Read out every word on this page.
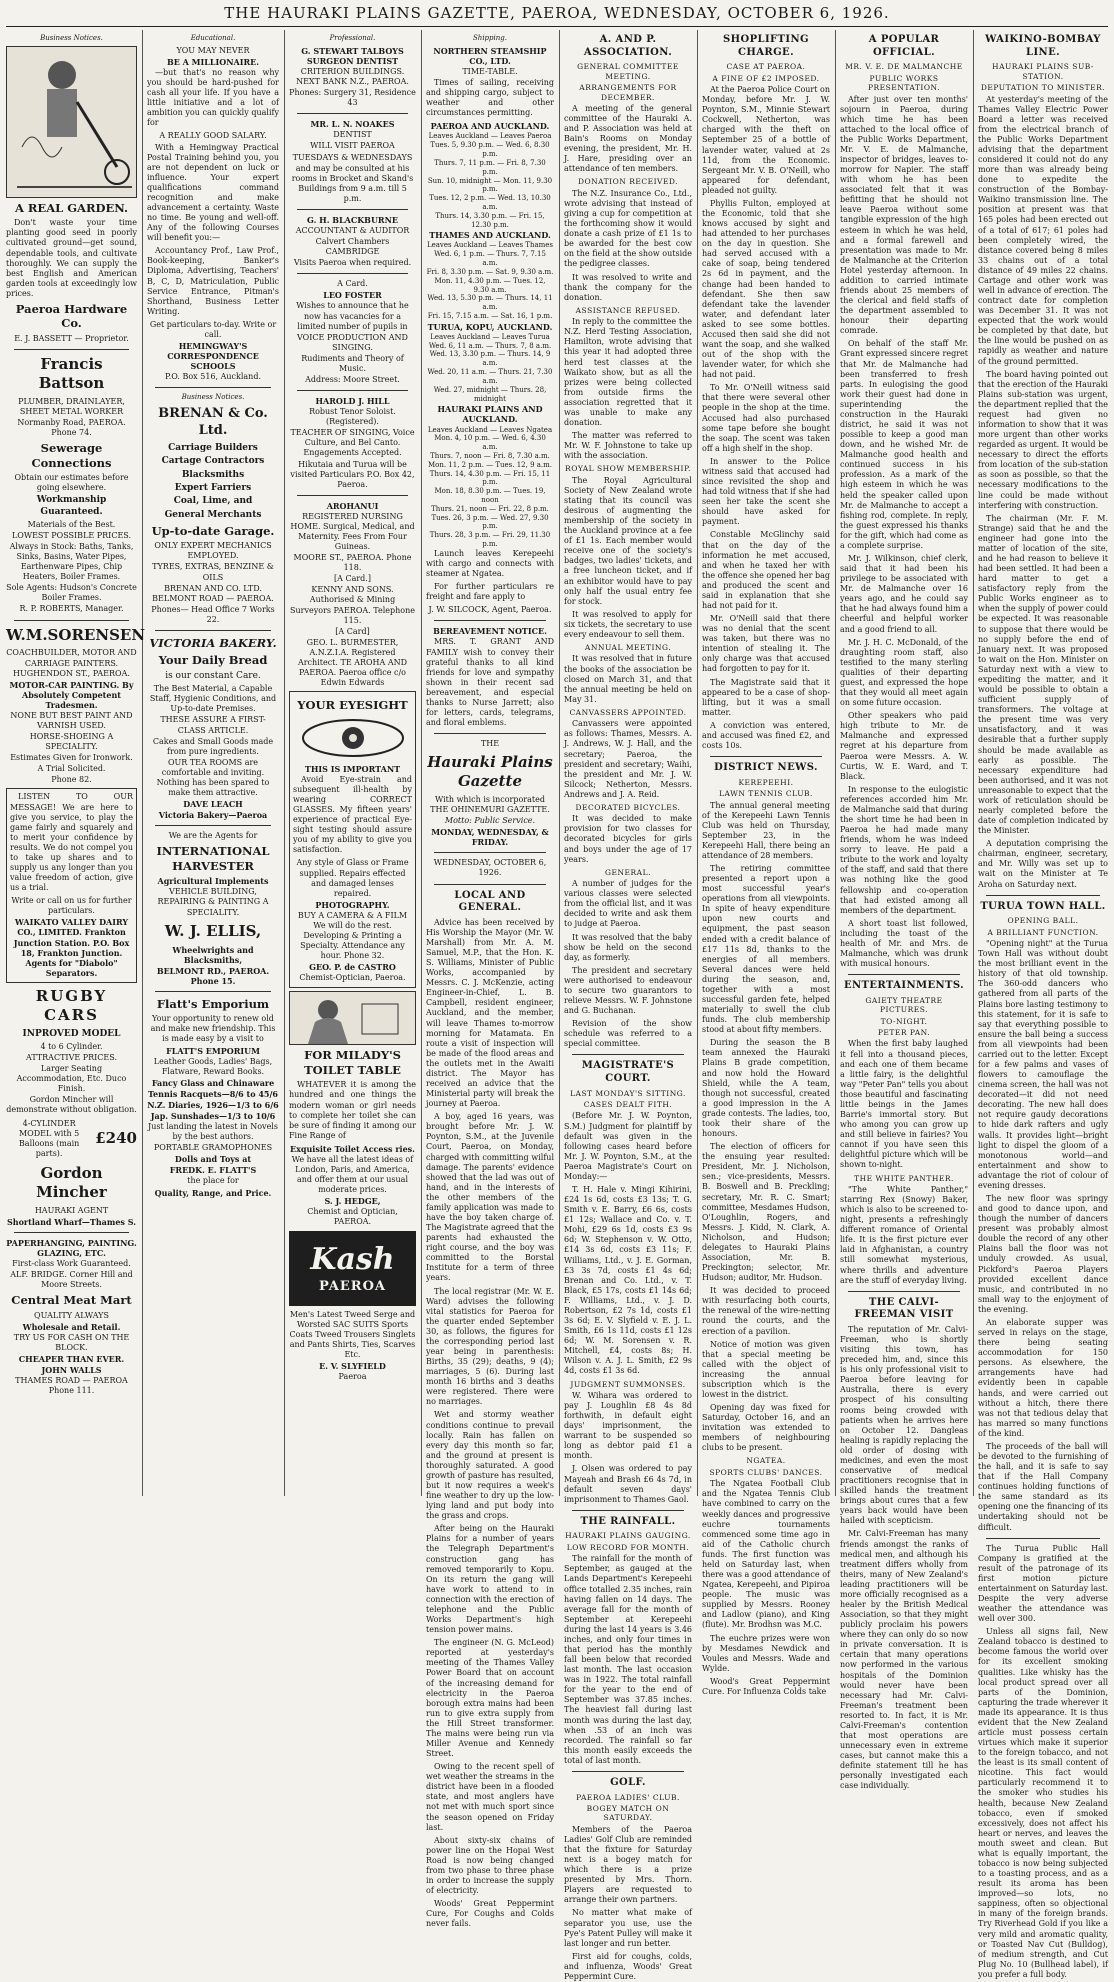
THE HAURAKI PLAINS GAZETTE, PAEROA, WEDNESDAY, OCTOBER 6, 1926.
Business Notices.
A REAL GARDEN.
Don't waste your time planting good seed in poorly cultivated ground—get sound, dependable tools, and cultivate thoroughly. We can supply the best English and American garden tools at exceedingly low prices.
Paeroa Hardware Co.
E. J. BASSETT — Proprietor.
Francis Battson
PLUMBER, DRAINLAYER, SHEET METAL WORKER
Normanby Road, PAEROA. Phone 74.
Sewerage Connections
Obtain our estimates before going elsewhere.
Workmanship Guaranteed.
Materials of the Best.
LOWEST POSSIBLE PRICES.
Always in Stock: Baths, Tanks, Sinks, Basins, Water Pipes, Earthenware Pipes, Chip Heaters, Boiler Frames.
Sole Agents: Hudson's Concrete Boiler Frames.
R. P. ROBERTS, Manager.
W.M.SORENSEN
COACHBUILDER, MOTOR AND CARRIAGE PAINTERS. HUGHENDON ST., PAEROA.
MOTOR-CAR PAINTING. By Absolutely Competent Tradesmen.
NONE BUT BEST PAINT AND VARNISH USED.
HORSE-SHOEING A SPECIALITY.
Estimates Given for Ironwork.
A Trial Solicited.
Phone 82.
LISTEN TO OUR MESSAGE! We are here to give you service, to play the game fairly and squarely and to merit your confidence by results. We do not compel you to take up shares and to supply us any longer than you value freedom of action, give us a trial.
Write or call on us for further particulars.
WAIKATO VALLEY DAIRY CO., LIMITED. Frankton Junction Station. P.O. Box 18, Frankton Junction. Agents for "Diabolo" Separators.
RUGBY CARS
INPROVED MODEL
4 to 6 Cylinder.
ATTRACTIVE PRICES.
Larger Seating Accommodation, Etc. Duco Finish.
Gordon Mincher will demonstrate without obligation.
4-CYLINDER MODEL with 5 Balloons (main parts).
£240
Gordon Mincher
HAURAKI AGENT
Shortland Wharf—Thames S.
PAPERHANGING, PAINTING. GLAZING, ETC.
First-class Work Guaranteed.
ALF. BRIDGE. Corner Hill and Moore Streets.
Central Meat Mart
QUALITY ALWAYS
Wholesale and Retail.
TRY US FOR CASH ON THE BLOCK.
CHEAPER THAN EVER.
JOHN WALLS
THAMES ROAD — PAEROA Phone 111.
Educational.
YOU MAY NEVER
BE A MILLIONAIRE.
—but that's no reason why you should be hard-pushed for cash all your life. If you have a little initiative and a lot of ambition you can quickly qualify for
A REALLY GOOD SALARY.
With a Hemingway Practical Postal Training behind you, you are not dependent on luck or influence. Your expert qualifications command recognition and make advancement a certainty. Waste no time. Be young and well-off. Any of the following Courses will benefit you:—
Accountancy Prof., Law Prof., Book-keeping, Banker's Diploma, Advertising, Teachers' B, C, D, Matriculation, Public Service Entrance, Pitman's Shorthand, Business Letter Writing.
Get particulars to-day. Write or call.
HEMINGWAY'S CORRESPONDENCE SCHOOLS
P.O. Box 516, Auckland.
Business Notices.
BRENAN & Co. Ltd.
Carriage Builders
Cartage Contractors
Blacksmiths
Expert Farriers
Coal, Lime, and
General Merchants
Up-to-date Garage.
ONLY EXPERT MECHANICS EMPLOYED.
TYRES, EXTRAS, BENZINE & OILS
BRENAN AND CO. LTD. BELMONT ROAD — PAEROA.
Phones— Head Office 7 Works 22.
VICTORIA BAKERY.
Your Daily Bread
is our constant Care.
The Best Material, a Capable Staff, Hygienic Conditions, and Up-to-date Premises.
THESE ASSURE A FIRST-CLASS ARTICLE.
Cakes and Small Goods made from pure ingredients.
OUR TEA ROOMS are comfortable and inviting. Nothing has been spared to make them attractive.
DAVE LEACH
Victoria Bakery—Paeroa
We are the Agents for
INTERNATIONAL HARVESTER
Agricultural Implements
VEHICLE BUILDING, REPAIRING & PAINTING A SPECIALITY.
W. J. ELLIS,
Wheelwrights and Blacksmiths,
BELMONT RD., PAEROA. Phone 15.
Flatt's Emporium
Your opportunity to renew old and make new friendship. This is made easy by a visit to
FLATT'S EMPORIUM
Leather Goods, Ladies' Bags, Flatware, Reward Books.
Fancy Glass and Chinaware
Tennis Racquets—8/6 to 45/6
N.Z. Diaries, 1926—1/3 to 6/6
Jap. Sunshades—1/3 to 10/6
Just landing the latest in Novels by the best authors.
PORTABLE GRAMOPHONES
Dolls and Toys at
FREDK. E. FLATT'S
the place for
Quality, Range, and Price.
Professional.
G. STEWART TALBOYS SURGEON DENTIST
CRITERION BUILDINGS. NEXT BANK N.Z., PAEROA.
Phones: Surgery 31, Residence 43
MR. L. N. NOAKES
DENTIST
WILL VISIT PAEROA
TUESDAYS & WEDNESDAYS
and may be consulted at his rooms in Brocket and Skand's Buildings from 9 a.m. till 5 p.m.
G. H. BLACKBURNE
ACCOUNTANT & AUDITOR
Calvert Chambers CAMBRIDGE
Visits Paeroa when required.
A Card.
LEO FOSTER
Wishes to announce that he now has vacancies for a limited number of pupils in
VOICE PRODUCTION AND SINGING.
Rudiments and Theory of Music.
Address: Moore Street.
HAROLD J. HILL
Robust Tenor Soloist. (Registered).
TEACHER OF SINGING, Voice Culture, and Bel Canto. Engagements Accepted.
Hikutaia and Turua will be visited Particulars P.O. Box 42, Paeroa.
AROHANUI
REGISTERED NURSING HOME. Surgical, Medical, and Maternity. Fees From Four Guineas.
MOORE ST., PAEROA. Phone 118.
[A Card.]
KENNY AND SONS. Authorised & Mining Surveyors PAEROA. Telephone 115.
[A Card]
GEO. L. BURMESTER, A.N.Z.I.A. Registered Architect. TE AROHA AND PAEROA. Paeroa office c/o Edwin Edwards
YOUR EYESIGHT
THIS IS IMPORTANT
Avoid Eye-strain and subsequent ill-health by wearing CORRECT GLASSES. My fifteen years' experience of practical Eye-sight testing should assure you of my ability to give you satisfaction.
Any style of Glass or Frame supplied. Repairs effected and damaged lenses repaired.
PHOTOGRAPHY.
BUY A CAMERA & A FILM We will do the rest. Developing & Printing a Specialty. Attendance any hour. Phone 32.
GEO. P. de CASTRO
Chemist-Optician, Paeroa.
FOR MILADY'S TOILET TABLE
WHATEVER it is among the hundred and one things the modern woman or girl needs to complete her toilet she can be sure of finding it among our Fine Range of
Exquisite Toilet Access ries.
We have all the latest ideas of London, Paris, and America, and offer them at our usual moderate prices.
S. J. HEDGE,
Chemist and Optician, PAEROA.
Kash
PAEROA
Men's Latest Tweed Serge and Worsted SAC SUITS Sports Coats Tweed Trousers Singlets and Pants Shirts, Ties, Scarves Etc.
E. V. SLYFIELD
Paeroa
Shipping.
NORTHERN STEAMSHIP CO., LTD.
TIME-TABLE.
Times of sailing, receiving and shipping cargo, subject to weather and other circumstances permitting.
PAEROA AND AUCKLAND.
Leaves Auckland — Leaves Paeroa
Tues. 5, 9.30 p.m. — Wed. 6, 8.30 p.m.
Thurs. 7, 11 p.m. — Fri. 8, 7.30 p.m.
Sun. 10, midnight — Mon. 11, 9.30 p.m.
Tues. 12, 2 p.m. — Wed. 13, 10.30 a.m.
Thurs. 14, 3.30 p.m. — Fri. 15, 12.30 p.m.
THAMES AND AUCKLAND.
Leaves Auckland — Leaves Thames
Wed. 6, 1 p.m. — Thurs. 7, 7.15 a.m.
Fri. 8, 3.30 p.m. — Sat. 9, 9.30 a.m.
Mon. 11, 4.30 p.m. — Tues. 12, 9.30 a.m.
Wed. 13, 5.30 p.m. — Thurs. 14, 11 a.m.
Fri. 15, 7.15 a.m. — Sat. 16, 1 p.m.
TURUA, KOPU, AUCKLAND.
Leaves Auckland — Leaves Turua
Wed. 6, 11 a.m. — Thurs. 7, 8 a.m.
Wed. 13, 3.30 p.m. — Thurs. 14, 9 a.m.
Wed. 20, 11 a.m. — Thurs. 21, 7.30 a.m.
Wed. 27, midnight — Thurs. 28, midnight
HAURAKI PLAINS AND AUCKLAND.
Leaves Auckland — Leaves Ngatea
Mon. 4, 10 p.m. — Wed. 6, 4.30 a.m.
Thurs. 7, noon — Fri. 8, 7.30 a.m.
Mon. 11, 2 p.m. — Tues. 12, 9 a.m.
Thurs. 14, 4.30 p.m. — Fri. 15, 11 p.m.
Mon. 18, 8.30 p.m. — Tues. 19, noon
Thurs. 21, noon — Fri. 22, 8 p.m.
Tues. 26, 3 p.m. — Wed. 27, 9.30 p.m.
Thurs. 28, 3 p.m. — Fri. 29, 11.30 p.m.
Launch leaves Kerepeehi with cargo and connects with steamer at Ngatea.
For further particulars re freight and fare apply to
J. W. SILCOCK, Agent, Paeroa.
BEREAVEMENT NOTICE.
MRS. T. GRANT AND FAMILY wish to convey their grateful thanks to all kind friends for love and sympathy shown in their recent sad bereavement, and especial thanks to Nurse Jarrett; also for letters, cards, telegrams, and floral emblems.
THE
Hauraki Plains Gazette
With which is incorporated THE OHINEMURI GAZETTE.
Motto: Public Service.
MONDAY, WEDNESDAY, & FRIDAY.
WEDNESDAY, OCTOBER 6, 1926.
LOCAL AND GENERAL.
Advice has been received by His Worship the Mayor (Mr. W. Marshall) from Mr. A. M. Samuel, M.P., that the Hon. K. S. Williams, Minister of Public Works, accompanied by Messrs. C. J. McKenzie, acting Engineer-in-Chief, L. B. Campbell, resident engineer, Auckland, and the member, will leave Thames to-morrow morning for Matamata. En route a visit of inspection will be made of the flood areas and the outlets met in the Awaiti district. The Mayor has received an advice that the Ministerial party will break the journey at Paeroa.
A boy, aged 16 years, was brought before Mr. J. W. Poynton, S.M., at the Juvenile Court, Paeroa, on Monday, charged with committing wilful damage. The parents' evidence showed that the lad was out of hand, and in the interests of the other members of the family application was made to have the boy taken charge of. The Magistrate agreed that the parents had exhausted the right course, and the boy was committed to the Borstal Institute for a term of three years.
The local registrar (Mr. W. E. Ward) advises the following vital statistics for Paeroa for the quarter ended September 30, as follows, the figures for the corresponding period last year being in parenthesis: Births, 35 (29); deaths, 9 (4); marriages, 5 (6). During last month 16 births and 3 deaths were registered. There were no marriages.
Wet and stormy weather conditions continue to prevail locally. Rain has fallen on every day this month so far, and the ground at present is thoroughly saturated. A good growth of pasture has resulted, but it now requires a week's fine weather to dry up the low-lying land and put body into the grass and crops.
After being on the Hauraki Plains for a number of years the Telegraph Department's construction gang has removed temporarily to Kopu. On its return the gang will have work to attend to in connection with the erection of telephone and the Public Works Department's high tension power mains.
The engineer (N. G. McLeod) reported at yesterday's meeting of the Thames Valley Power Board that on account of the increasing demand for electricity in the Paeroa borough extra mains had been run to give extra supply from the Hill Street transformer. The mains were being run via Miller Avenue and Kennedy Street.
Owing to the recent spell of wet weather the streams in the district have been in a flooded state, and most anglers have not met with much sport since the season opened on Friday last.
About sixty-six chains of power line on the Hopai West Road is now being changed from two phase to three phase in order to increase the supply of electricity.
Woods' Great Peppermint Cure, For Coughs and Colds never fails.
A. AND P. ASSOCIATION.
GENERAL COMMITTEE MEETING.
ARRANGEMENTS FOR DECEMBER.
A meeting of the general committee of the Hauraki A. and P. Association was held at Bain's Rooms on Monday evening, the president, Mr. H. J. Hare, presiding over an attendance of ten members.
DONATION RECEIVED.
The N.Z. Insurance Co., Ltd., wrote advising that instead of giving a cup for competition at the forthcoming show it would donate a cash prize of £1 1s to be awarded for the best cow on the field at the show outside the pedigree classes.
It was resolved to write and thank the company for the donation.
ASSISTANCE REFUSED.
In reply to the committee the N.Z. Herd Testing Association, Hamilton, wrote advising that this year it had adopted three herd test classes at the Waikato show, but as all the prizes were being collected from outside firms the association regretted that it was unable to make any donation.
The matter was referred to Mr. W. F. Johnstone to take up with the association.
ROYAL SHOW MEMBERSHIP.
The Royal Agricultural Society of New Zealand wrote stating that its council was desirous of augmenting the membership of the society in the Auckland province at a fee of £1 1s. Each member would receive one of the society's badges, two ladies' tickets, and a free luncheon ticket, and if an exhibitor would have to pay only half the usual entry fee for stock.
It was resolved to apply for six tickets, the secretary to use every endeavour to sell them.
ANNUAL MEETING.
It was resolved that in future the books of the association be closed on March 31, and that the annual meeting be held on May 31.
CANVASSERS APPOINTED.
Canvassers were appointed as follows: Thames, Messrs. A. J. Andrews, W. J. Hall, and the secretary; Paeroa, the president and secretary; Waihi, the president and Mr. J. W. Silcock; Netherton, Messrs. Andrews and J. A. Reid.
DECORATED BICYCLES.
It was decided to make provision for two classes for decorated bicycles for girls and boys under the age of 17 years.
GENERAL.
A number of judges for the various classes were selected from the official list, and it was decided to write and ask them to judge at Paeroa.
It was resolved that the baby show be held on the second day, as formerly.
The president and secretary were authorised to endeavour to secure two guarantors to relieve Messrs. W. F. Johnstone and G. Buchanan.
Revision of the show schedule was referred to a special committee.
MAGISTRATE'S COURT.
LAST MONDAY'S SITTING.
CASES DEALT FITH.
(Before Mr. J. W. Poynton, S.M.) Judgment for plaintiff by default was given in the following cases heard before Mr. J. W. Poynton, S.M., at the Paeroa Magistrate's Court on Monday:—
T. H. Hale v. Mingi Kihirini, £24 1s 6d, costs £3 13s; T. G. Smith v. E. Barry, £6 6s, costs £1 12s; Wallace and Co. v. T. Mohi, £29 6s 1d, costs £3 9s 6d; W. Stephenson v. W. Otto, £14 3s 6d, costs £3 11s; F. Williams, Ltd., v. J. E. Gorman, £3 3s 7d, costs £1 4s 6d; Brenan and Co. Ltd., v. T. Black, £5 17s, costs £1 14s 6d; F. Williams, Ltd., v. J. D. Robertson, £2 7s 1d, costs £1 3s 6d; E. V. Slyfield v. E. J. L. Smith, £6 1s 11d, costs £1 12s 6d; W. M. Sorensen v. R. Mitchell, £4, costs 8s; H. Wilson v. A. J. L. Smith, £2 9s 4d, costs £1 3s 6d.
JUDGMENT SUMMONSES.
W. Wihara was ordered to pay J. Loughlin £8 4s 8d forthwith, in default eight days' imprisonment, the warrant to be suspended so long as debtor paid £1 a month.
J. Olsen was ordered to pay Mayeah and Brash £6 4s 7d, in default seven days' imprisonment to Thames Gaol.
THE RAINFALL.
HAURAKI PLAINS GAUGING.
LOW RECORD FOR MONTH.
The rainfall for the month of September, as gauged at the Lands Department's Kerepeehi office totalled 2.35 inches, rain having fallen on 14 days. The average fall for the month of September at Kerepeehi during the last 14 years is 3.46 inches, and only four times in that period has the monthly fall been below that recorded last month. The last occasion was in 1922. The total rainfall for the year to the end of September was 37.85 inches. The heaviest fall during last month was during the last day, when .53 of an inch was recorded. The rainfall so far this month easily exceeds the total of last month.
GOLF.
PAEROA LADIES' CLUB.
BOGEY MATCH ON SATURDAY.
Members of the Paeroa Ladies' Golf Club are reminded that the fixture for Saturday next is a bogey match for which there is a prize presented by Mrs. Thorn. Players are requested to arrange their own partners.
No matter what make of separator you use, use the Pye's Patent Pulley will make it last longer and run better.
First aid for coughs, colds, and influenza, Woods' Great Peppermint Cure.
SHOPLIFTING CHARGE.
CASE AT PAEROA.
A FINE OF £2 IMPOSED.
At the Paeroa Police Court on Monday, before Mr. J. W. Poynton, S.M., Minnie Stewart Cockwell, Netherton, was charged with the theft on September 25 of a bottle of lavender water, valued at 2s 11d, from the Economic. Sergeant Mr. V. B. O'Neill, who appeared for defendant, pleaded not guilty.
Phyllis Fulton, employed at the Economic, told that she knows accused by sight and had attended to her purchases on the day in question. She had served accused with a cake of soap, being tendered 2s 6d in payment, and the change had been handed to defendant. She then saw defendant take the lavender water, and defendant later asked to see some bottles. Accused then said she did not want the soap, and she walked out of the shop with the lavender water, for which she had not paid.
To Mr. O'Neill witness said that there were several other people in the shop at the time. Accused had also purchased some tape before she bought the soap. The scent was taken off a high shelf in the shop.
In answer to the Police witness said that accused had since revisited the shop and had told witness that if she had seen her take the scent she should have asked for payment.
Constable McGlinchy said that on the day of the information he met accused, and when he taxed her with the offence she opened her bag and produced the scent and said in explanation that she had not paid for it.
Mr. O'Neill said that there was no denial that the scent was taken, but there was no intention of stealing it. The only charge was that accused had forgotten to pay for it.
The Magistrate said that it appeared to be a case of shop-lifting, but it was a small matter.
A conviction was entered, and accused was fined £2, and costs 10s.
DISTRICT NEWS.
KEREPEEHI.
LAWN TENNIS CLUB.
The annual general meeting of the Kerepeehi Lawn Tennis Club was held on Thursday, September 23, in the Kerepeehi Hall, there being an attendance of 28 members.
The retiring committee presented a report upon a most successful year's operations from all viewpoints. In spite of heavy expenditure upon new courts and equipment, the past season ended with a credit balance of £17 11s 8d, thanks to the energies of all members. Several dances were held during the season, and, together with a most successful garden fete, helped materially to swell the club funds. The club membership stood at about fifty members.
During the season the B team annexed the Hauraki Plains B grade competition, and now hold the Howard Shield, while the A team, though not successful, created a good impression in the A grade contests. The ladies, too, took their share of the honours.
The election of officers for the ensuing year resulted: President, Mr. J. Nicholson, sen.; vice-presidents, Messrs. B. Boswell and B. Preckling; secretary, Mr. R. C. Smart; committee, Mesdames Hudson, O'Loughlin, Rogers, and Messrs. J. Kidd, N. Clark, A. Nicholson, and Hudson; delegates to Hauraki Plains Association, Mr. B. Preckington; selector, Mr. Hudson; auditor, Mr. Hudson.
It was decided to proceed with resurfacing both courts, the renewal of the wire-netting round the courts, and the erection of a pavilion.
Notice of motion was given that a special meeting be called with the object of increasing the annual subscription which is the lowest in the district.
Opening day was fixed for Saturday, October 16, and an invitation was extended to members of neighbouring clubs to be present.
NGATEA.
SPORTS CLUBS' DANCES.
The Ngatea Football Club and the Ngatea Tennis Club have combined to carry on the weekly dances and progressive euchre tournaments commenced some time ago in aid of the Catholic church funds. The first function was held on Saturday last, when there was a good attendance of Ngatea, Kerepeehi, and Pipiroa people. The music was supplied by Messrs. Rooney and Ladlow (piano), and King (flute). Mr. Brodhsn was M.C.
The euchre prizes were won by Mesdames Newdick and Voules and Messrs. Wade and Wylde.
Wood's Great Peppermint Cure. For Influenza Colds take
A POPULAR OFFICIAL.
MR. V. E. DE MALMANCHE
PUBLIC WORKS PRESENTATION.
After just over ten months' sojourn in Paeroa, during which time he has been attached to the local office of the Public Works Department, Mr. V. E. de Malmanche, inspector of bridges, leaves to-morrow for Napier. The staff with whom he has been associated felt that it was befitting that he should not leave Paeroa without some tangible expression of the high esteem in which he was held, and a formal farewell and presentation was made to Mr. de Malmanche at the Criterion Hotel yesterday afternoon. In addition to carried intimate friends about 25 members of the clerical and field staffs of the department assembled to honour their departing comrade.
On behalf of the staff Mr. Grant expressed sincere regret that Mr. de Malmanche had been transferred to fresh parts. In eulogising the good work their guest had done in superintending the construction in the Hauraki district, he said it was not possible to keep a good man down, and he wished Mr. de Malmanche good health and continued success in his profession. As a mark of the high esteem in which he was held the speaker called upon Mr. de Malmanche to accept a fishing rod, complete. In reply, the guest expressed his thanks for the gift, which had come as a complete surprise.
Mr. J. Wilkinson, chief clerk, said that it had been his privilege to be associated with Mr. de Malmanche over 16 years ago, and he could say that he had always found him a cheerful and helpful worker and a good friend to all.
Mr. J. H. C. McDonald, of the draughting room staff, also testified to the many sterling qualities of their departing guest, and expressed the hope that they would all meet again on some future occasion.
Other speakers who paid high tribute to Mr. de Malmanche and expressed regret at his departure from Paeroa were Messrs. A. W. Curtis, W. E. Ward, and T. Black.
In response to the eulogistic references accorded him Mr. de Malmanche said that during the short time he had been in Paeroa he had made many friends, whom he was indeed sorry to leave. He paid a tribute to the work and loyalty of the staff, and said that there was nothing like the good fellowship and co-operation that had existed among all members of the department.
A short toast list followed, including the toast of the health of Mr. and Mrs. de Malmanche, which was drunk with musical honours.
ENTERTAINMENTS.
GAIETY THEATRE PICTURES.
TO-NIGHT.
PETER PAN.
When the first baby laughed it fell into a thousand pieces, and each one of them became a little fairy, is the delightful way "Peter Pan" tells you about those beautiful and fascinating little beings in the James Barrie's immortal story. But who among you can grow up and still believe in fairies? You cannot if you have seen this delightful picture which will be shown to-night.
THE WHITE PANTHER.
"The White Panther," starring Rex (Snowy) Baker, which is also to be screened to-night, presents a refreshingly different romance of Oriental life. It is the first picture ever laid in Afghanistan, a country still somewhat mysterious, where thrills and adventure are the stuff of everyday living.
THE CALVI-FREEMAN VISIT
The reputation of Mr. Calvi-Freeman, who is shortly visiting this town, has preceded him, and, since this is his only professional visit to Paeroa before leaving for Australia, there is every prospect of his consulting rooms being crowded with patients when he arrives here on October 12. Dangleas healing is rapidly replacing the old order of dosing with medicines, and even the most conservative of medical practitioners recognise that in skilled hands the treatment brings about cures that a few years back would have been hailed with scepticism.
Mr. Calvi-Freeman has many friends amongst the ranks of medical men, and although his treatment differs wholly from theirs, many of New Zealand's leading practitioners will be more officially recognised as a healer by the British Medical Association, so that they might publicly proclaim his powers where they can only do so now in private conversation. It is certain that many operations now performed in the various hospitals of the Dominion would never have been necessary had Mr. Calvi-Freeman's treatment been resorted to. In fact, it is Mr. Calvi-Freeman's contention that most operations are unnecessary even in extreme cases, but cannot make this a definite statement till he has personally investigated each case individually.
WAIKINO-BOMBAY LINE.
HAURAKI PLAINS SUB-STATION.
DEPUTATION TO MINISTER.
At yesterday's meeting of the Thames Valley Electric Power Board a letter was received from the electrical branch of the Public Works Department advising that the department considered it could not do any more than was already being done to expedite the construction of the Bombay-Waikino transmission line. The position at present was that 165 poles had been erected out of a total of 617; 61 poles had been completely wired, the distance covered being 8 miles 33 chains out of a total distance of 49 miles 22 chains. Cartage and other work was well in advance of erection. The contract date for completion was December 31. It was not expected that the work would be completed by that date, but the line would be pushed on as rapidly as weather and nature of the ground permitted.
The board having pointed out that the erection of the Hauraki Plains sub-station was urgent, the department replied that the request had given no information to show that it was more urgent than other works regarded as urgent. It would be necessary to direct the efforts from location of the sub-station as soon as possible, so that the necessary modifications to the line could be made without interfering with construction.
The chairman (Mr. F. M. Strange) said that he and the engineer had gone into the matter of location of the site, and he had reason to believe it had been settled. It had been a hard matter to get a satisfactory reply from the Public Works engineer as to when the supply of power could be expected. It was reasonable to suppose that there would be no supply before the end of January next. It was proposed to wait on the Hon. Minister on Saturday next with a view to expediting the matter, and it would be possible to obtain a sufficient supply of transformers. The voltage at the present time was very unsatisfactory, and it was desirable that a further supply should be made available as early as possible. The necessary expenditure had been authorised, and it was not unreasonable to expect that the work of reticulation should be nearly completed before the date of completion indicated by the Minister.
A deputation comprising the chairman, engineer, secretary, and Mr. Willy was set up to wait on the Minister at Te Aroha on Saturday next.
TURUA TOWN HALL.
OPENING BALL.
A BRILLIANT FUNCTION.
"Opening night" at the Turua Town Hall was without doubt the most brilliant event in the history of that old township. The 360-odd dancers who gathered from all parts of the Plains bore lasting testimony to this statement, for it is safe to say that everything possible to ensure the ball being a success from all viewpoints had been carried out to the letter. Except for a few palms and vases of flowers to camouflage the cinema screen, the hall was not decorated—it did not need decorating. The new hall does not require gaudy decorations to hide dark rafters and ugly walls. It provides light—bright light to dispel the gloom of a monotonous world—and entertainment and show to advantage the riot of colour of evening dresses.
The new floor was springy and good to dance upon, and though the number of dancers present was probably almost double the record of any other Plains ball the floor was not unduly crowded. As usual, Pickford's Paeroa Players provided excellent dance music, and contributed in no small way to the enjoyment of the evening.
An elaborate supper was served in relays on the stage, there being seating accommodation for 150 persons. As elsewhere, the arrangements have had evidently been in capable hands, and were carried out without a hitch, there there was not that tedious delay that has marred so many functions of the kind.
The proceeds of the ball will be devoted to the furnishing of the hall, and it is safe to say that if the Hall Company continues holding functions of the same standard as its opening one the financing of its undertaking should not be difficult.
The Turua Public Hall Company is gratified at the result of the patronage of its first motion picture entertainment on Saturday last. Despite the very adverse weather the attendance was well over 300.
Unless all signs fail, New Zealand tobacco is destined to become famous the world over for its excellent smoking qualities. Like whisky has the local product spread over all parts of the Dominion, capturing the trade wherever it made its appearance. It is thus evident that the New Zealand article must possess certain virtues which make it superior to the foreign tobacco, and not the least is its small content of nicotine. This fact would particularly recommend it to the smoker who studies his health, because New Zealand tobacco, even if smoked excessively, does not affect his heart or nerves, and leaves the mouth sweet and clean. But what is equally important, the tobacco is now being subjected to a toasting process, and as a result its aroma has been improved—so lots, no sappiness, often so objectional in many of the foreign brands. Try Riverhead Gold if you like a very mild and aromatic quality, or Toasted Nav Cut (Bulldog), of medium strength, and Cut Plug No. 10 (Bullhead label), if you prefer a full body.
